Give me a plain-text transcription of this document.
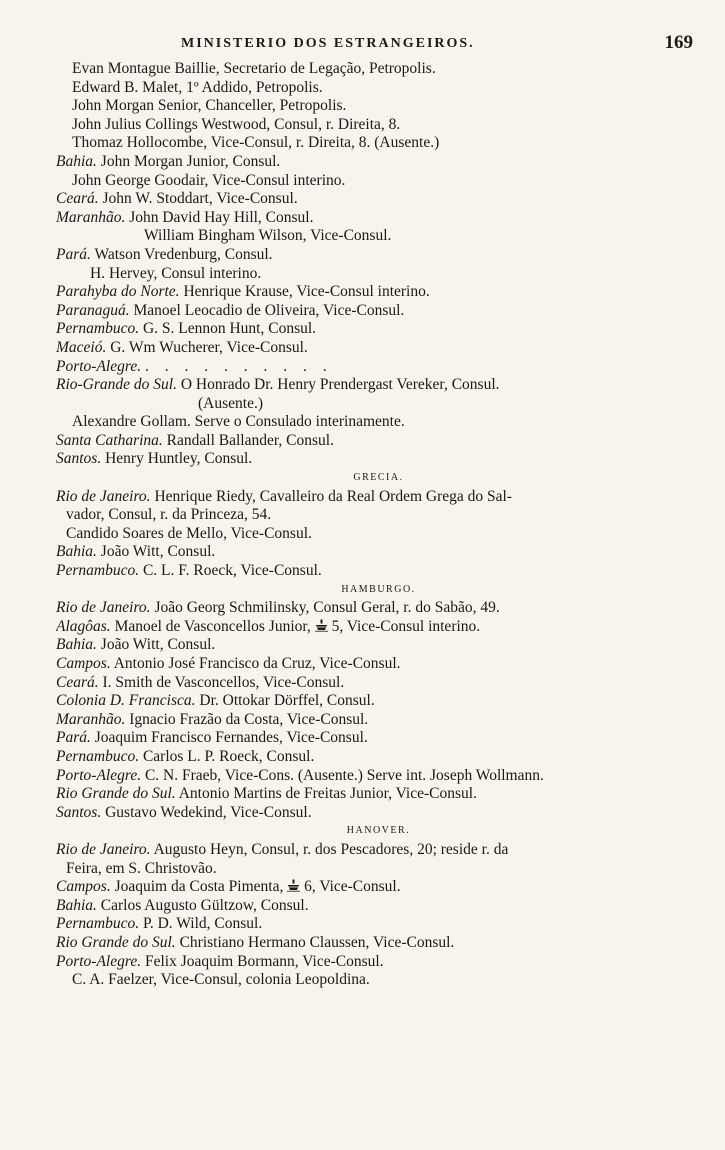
MINISTERIO DOS ESTRANGEIROS.	169
Evan Montague Baillie, Secretario de Legação, Petropolis.
Edward B. Malet, 1º Addido, Petropolis.
John Morgan Senior, Chanceller, Petropolis.
John Julius Collings Westwood, Consul, r. Direita, 8.
Thomaz Hollocombe, Vice-Consul, r. Direita, 8. (Ausente.)
Bahia. John Morgan Junior, Consul.
John George Goodair, Vice-Consul interino.
Ceará. John W. Stoddart, Vice-Consul.
Maranhão. John David Hay Hill, Consul.
William Bingham Wilson, Vice-Consul.
Pará. Watson Vredenburg, Consul.
H. Hervey, Consul interino.
Parahyba do Norte. Henrique Krause, Vice-Consul interino.
Paranaguá. Manoel Leocadio de Oliveira, Vice-Consul.
Pernambuco. G. S. Lennon Hunt, Consul.
Maceió. G. Wm Wucherer, Vice-Consul.
Porto-Alegre. . . . . . . . . . .
Rio-Grande do Sul. O Honrado Dr. Henry Prendergast Vereker, Consul.
(Ausente.)
Alexandre Gollam. Serve o Consulado interinamente.
Santa Catharina. Randall Ballander, Consul.
Santos. Henry Huntley, Consul.
GRECIA.
Rio de Janeiro. Henrique Riedy, Cavalleiro da Real Ordem Grega do Sal-
vador, Consul, r. da Princeza, 54.
Candido Soares de Mello, Vice-Consul.
Bahia. João Witt, Consul.
Pernambuco. C. L. F. Roeck, Vice-Consul.
HAMBURGO.
Rio de Janeiro. João Georg Schmilinsky, Consul Geral, r. do Sabão, 49.
Alagôas. Manoel de Vasconcellos Junior,  5, Vice-Consul interino.
Bahia. João Witt, Consul.
Campos. Antonio José Francisco da Cruz, Vice-Consul.
Ceará. I. Smith de Vasconcellos, Vice-Consul.
Colonia D. Francisca. Dr. Ottokar Dörffel, Consul.
Maranhão. Ignacio Frazão da Costa, Vice-Consul.
Pará. Joaquim Francisco Fernandes, Vice-Consul.
Pernambuco. Carlos L. P. Roeck, Consul.
Porto-Alegre. C. N. Fraeb, Vice-Cons. (Ausente.) Serve int. Joseph Wollmann.
Rio Grande do Sul. Antonio Martins de Freitas Junior, Vice-Consul.
Santos. Gustavo Wedekind, Vice-Consul.
HANOVER.
Rio de Janeiro. Augusto Heyn, Consul, r. dos Pescadores, 20; reside r. da
Feira, em S. Christovão.
Campos. Joaquim da Costa Pimenta,  6, Vice-Consul.
Bahia. Carlos Augusto Gültzow, Consul.
Pernambuco. P. D. Wild, Consul.
Rio Grande do Sul. Christiano Hermano Claussen, Vice-Consul.
Porto-Alegre. Felix Joaquim Bormann, Vice-Consul.
C. A. Faelzer, Vice-Consul, colonia Leopoldina.
